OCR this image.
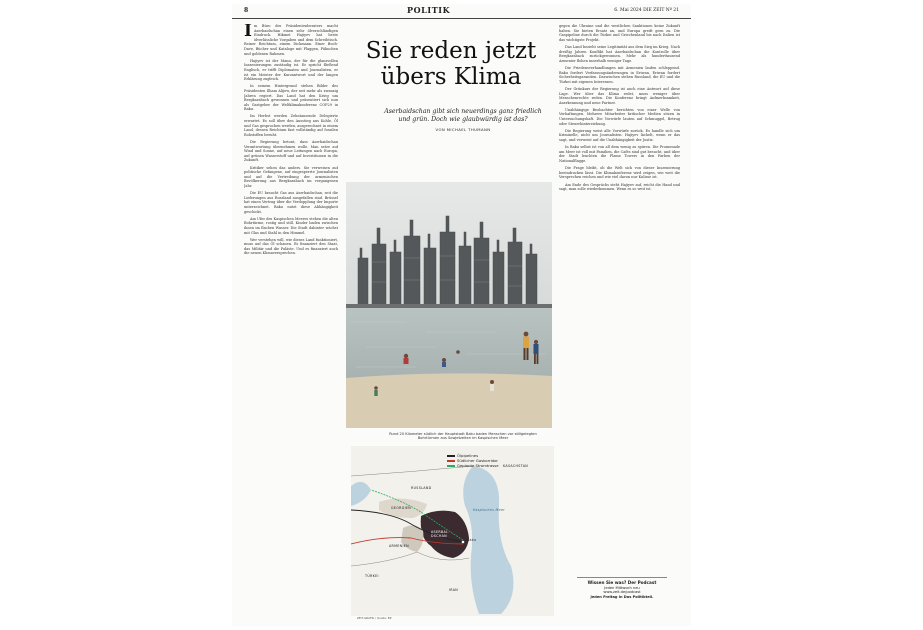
8	POLITIK	6. Mai 2024 DIE ZEIT Nº 21

Im Büro des Präsidentenberaters macht Aserbaidschan einen sehr ölverschländigen Eindruck. Hikmet Hajiyev hat beste ölverlässliche Vorgaben und dem Schreibtisch. Reiner Reichtum, einem Dickmann. Einer Buch-Dave, Bücher und Kataloge mit Flaggen, Fähnchen und goldenen Rahmen.

Hajiyev ist der Mann, der für die glanzvollen Inszenierungen zuständig ist. Er spricht fließend Englisch, er trifft Diplomaten und Journalisten, er ist ein Meister der Kurzantwort und der langen Erklärung zugleich.

In seinem Hintergrund stehen Bilder des Präsidenten Ilham Alijew, der seit mehr als zwanzig Jahren regiert. Das Land hat den Krieg um Bergkarabach gewonnen und präsentiert sich nun als Gastgeber der Weltklimakonferenz COP29 in Baku.

Im Herbst werden Zehntausende Delegierte erwartet. Es soll über den Ausstieg aus Kohle, Öl und Gas gesprochen werden, ausgerechnet in einem Land, dessen Reichtum fast vollständig auf fossilen Rohstoffen beruht.

Die Regierung betont, dass Aserbaidschan Verantwortung übernehmen wolle. Man setze auf Wind und Sonne, auf neue Leitungen nach Europa, auf grünen Wasserstoff und auf Investitionen in die Zukunft.

Kritiker sehen das anders. Sie verweisen auf politische Gefangene, auf eingesperrte Journalisten und auf die Vertreibung der armenischen Bevölkerung aus Bergkarabach im vergangenen Jahr.

Die EU braucht Gas aus Aserbaidschan, seit die Lieferungen aus Russland ausgefallen sind. Brüssel hat einen Vertrag über die Verdopplung der Importe unterzeichnet. Baku nutzt diese Abhängigkeit geschickt.

Am Ufer des Kaspischen Meeres stehen die alten Bohrtürme, rostig und still. Kinder baden zwischen ihnen im flachen Wasser. Die Stadt dahinter wächst mit Glas und Stahl in den Himmel.

Wer verstehen will, wie dieses Land funktioniert, muss auf das Öl schauen. Es finanziert den Staat, das Militär und die Paläste. Und es finanziert auch die neuen Klimaversprechen.

Sie reden jetzt übers Klima
Aserbaidschan gibt sich neuerdings ganz friedlich und grün. Doch wie glaubwürdig ist das?
VON MICHAEL THUMANN
Rund 20 Kilometer südlich der Hauptstadt Baku baden Menschen vor stillgelegten Bohrtürmen aus Sowjetzeiten im Kaspischen Meer
Ölpipelines
Südlicher Gaskorridor
Geplante Stromtrasse
RUSSLAND
GEORGIEN
ARMENIEN
ASERBAI-
DSCHAN
KASACHSTAN
TÜRKEI
IRAN
Kaspisches Meer
Baku
ZEIT-GRAFIK / Quelle: BP

gegen die Ukraine und die westlichen Sanktionen keine Zukunft haben. Sie bieten Ersatz an, und Europa greift gern zu. Die Gaspipeline durch die Türkei und Griechenland bis nach Italien ist das wichtigste Projekt.

Das Land bezieht seine Legitimität aus dem Sieg im Krieg. Nach dreißig Jahren Konflikt hat Aserbaidschan die Kontrolle über Bergkarabach zurückgewonnen. Mehr als hunderttausend Armenier flohen innerhalb weniger Tage.

Die Friedensverhandlungen mit Armenien laufen schleppend. Baku fordert Verfassungsänderungen in Eriwan, Eriwan fordert Sicherheitsgarantien. Dazwischen stehen Russland, die EU und die Türkei mit eigenen Interessen.

Der Grünkurs der Regierung ist auch eine Antwort auf diese Lage. Wer über das Klima redet, muss weniger über Menschenrechte reden. Die Konferenz bringt Aufmerksamkeit, Anerkennung und neue Partner.

Unabhängige Beobachter berichten von einer Welle von Verhaftungen. Mehrere Mitarbeiter kritischer Medien sitzen in Untersuchungshaft. Die Vorwürfe lauten auf Schmuggel, Betrug oder Steuerhinterziehung.

Die Regierung weist alle Vorwürfe zurück. Es handle sich um Kriminelle, nicht um Journalisten. Hajiyev lächelt, wenn er das sagt, und verweist auf die Unabhängigkeit der Justiz.

In Baku selbst ist von all dem wenig zu spüren. Die Promenade am Meer ist voll mit Familien, die Cafés sind gut besucht, und über der Stadt leuchten die Flame Towers in den Farben der Nationalflagge.

Die Frage bleibt, ob die Welt sich von dieser Inszenierung beeindrucken lässt. Die Klimakonferenz wird zeigen, wie weit die Versprechen reichen und wie viel davon nur Kulisse ist.

Am Ende des Gesprächs steht Hajiyev auf, reicht die Hand und sagt, man solle wiederkommen. Wenn es so weit ist.

Wissen Sie was? Der Podcast
Jeden Mittwoch neu
www.zeit.de/podcast
Jeden Freitag in Das Politikteil.
